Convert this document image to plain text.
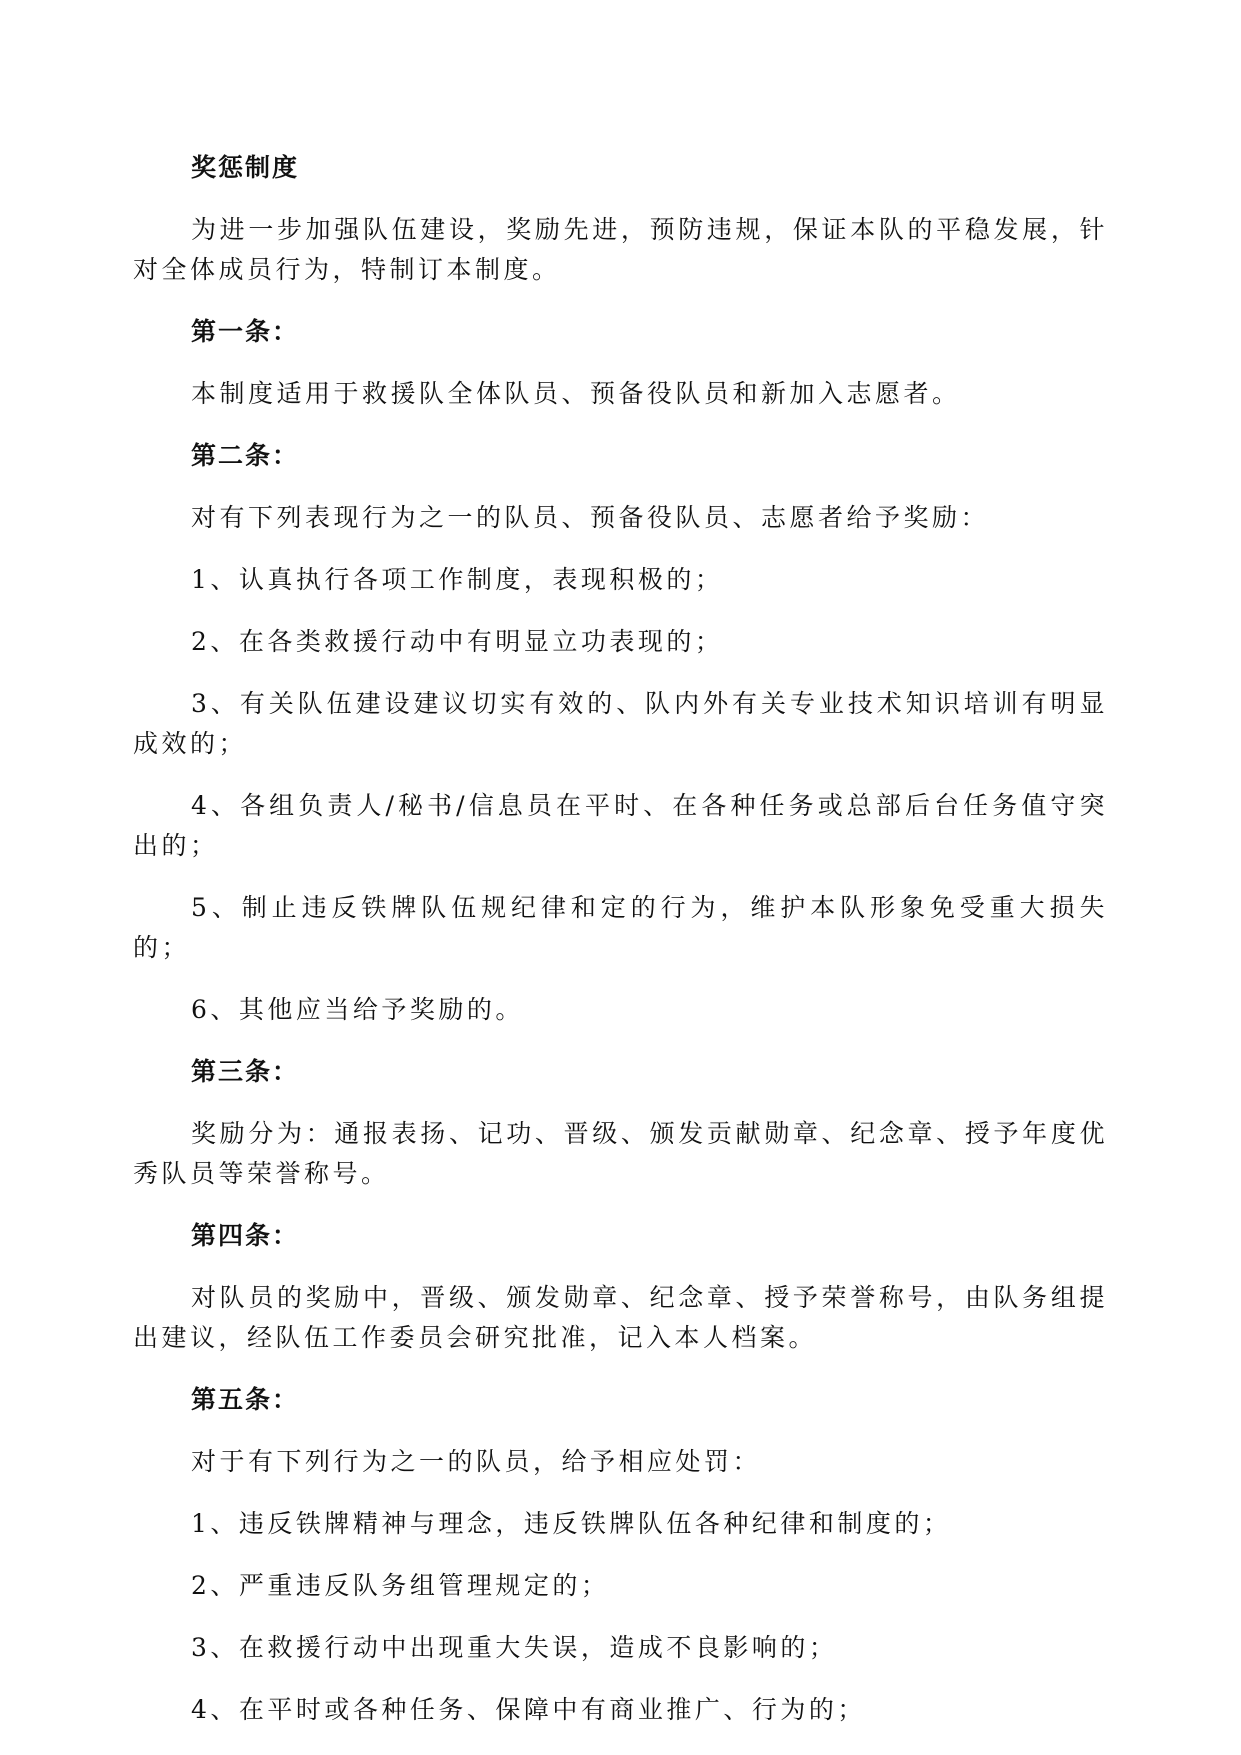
奖惩制度
为进一步加强队伍建设，奖励先进，预防违规，保证本队的平稳发展，针对全体成员行为，特制订本制度。
第一条：
本制度适用于救援队全体队员、预备役队员和新加入志愿者。
第二条：
对有下列表现行为之一的队员、预备役队员、志愿者给予奖励：
1、认真执行各项工作制度，表现积极的；
2、在各类救援行动中有明显立功表现的；
3、有关队伍建设建议切实有效的、队内外有关专业技术知识培训有明显成效的；
4、各组负责人/秘书/信息员在平时、在各种任务或总部后台任务值守突出的；
5、制止违反铁牌队伍规纪律和定的行为，维护本队形象免受重大损失的；
6、其他应当给予奖励的。
第三条：
奖励分为：通报表扬、记功、晋级、颁发贡献勋章、纪念章、授予年度优秀队员等荣誉称号。
第四条：
对队员的奖励中，晋级、颁发勋章、纪念章、授予荣誉称号，由队务组提出建议，经队伍工作委员会研究批准，记入本人档案。
第五条：
对于有下列行为之一的队员，给予相应处罚：
1、违反铁牌精神与理念，违反铁牌队伍各种纪律和制度的；
2、严重违反队务组管理规定的；
3、在救援行动中出现重大失误，造成不良影响的；
4、在平时或各种任务、保障中有商业推广、行为的；
